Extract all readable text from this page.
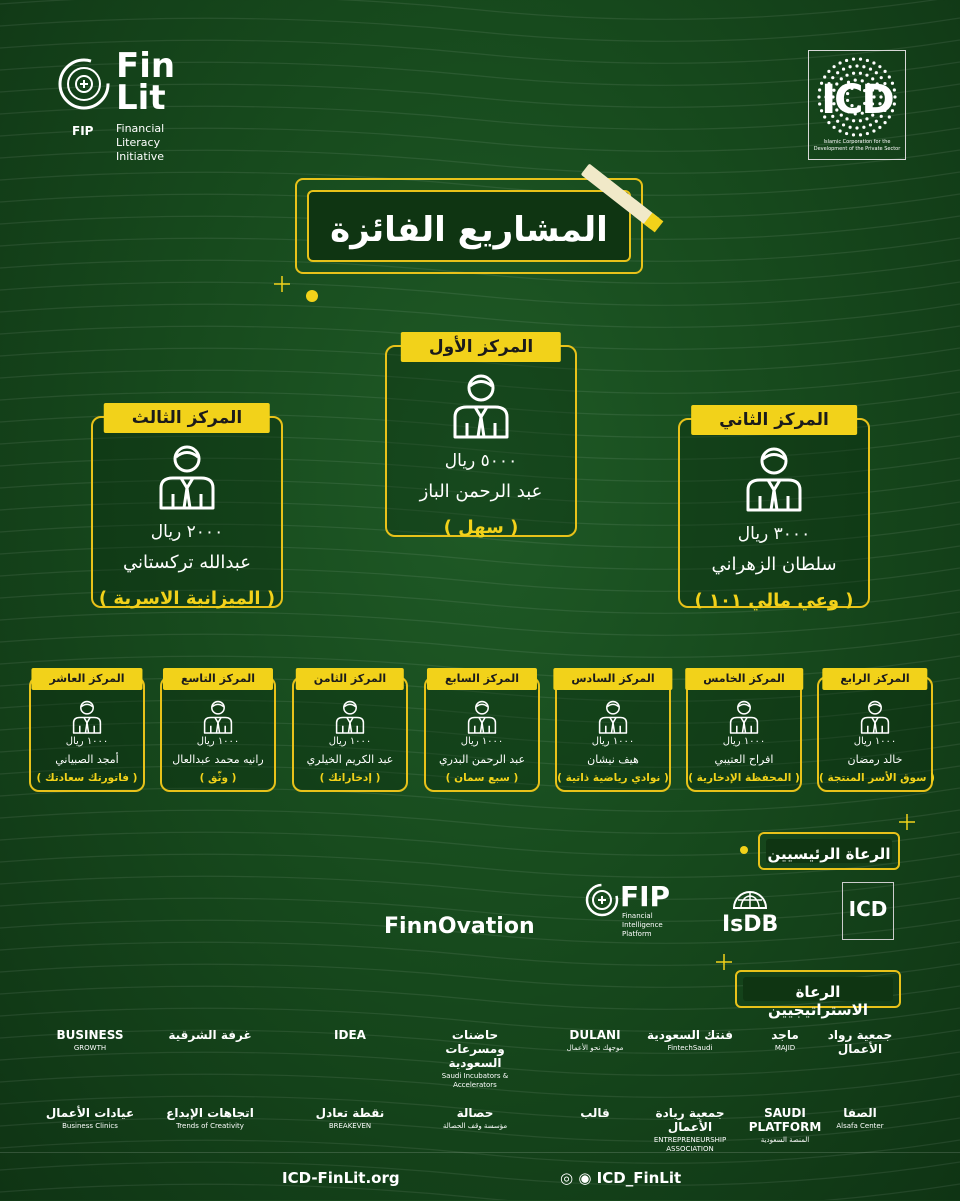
Fin
Lit
FIP Financial
Literacy
Initiative
ICD
Islamic Corporation for the Development of the Private Sector
المشاريع الفائزة
المركز الأول
٥٠٠٠ ريال
عبد الرحمن الباز
( سهل )
المركز الثاني
٣٠٠٠ ريال
سلطان الزهراني
( وعي مالي ١٠١ )
المركز الثالث
٢٠٠٠ ريال
عبدالله تركستاني
( الميزانية الاسرية )
المركز الرابع
١٠٠٠ ريال
خالد رمضان
( سوق الأسر المنتجة )
المركز الخامس
١٠٠٠ ريال
افراح العتيبي
( المحفظة الإدخارية )
المركز السادس
١٠٠٠ ريال
هيف نيشان
( نوادي رياضية ذاتية )
المركز السابع
١٠٠٠ ريال
عبد الرحمن البدري
( سبع سمان )
المركز الثامن
١٠٠٠ ريال
عبد الكريم الخيلري
( إدخاراتك )
المركز التاسع
١٠٠٠ ريال
رانيه محمد عبدالعال
( وثّق )
المركز العاشر
١٠٠٠ ريال
أمجد الصبياني
( فاتورتك سعادتك )
الرعاة الرئيسيين
FinnOvation
FIP
Financial
Intelligence
Platform	IsDB
ICD
الرعاة الاستراتيجيين
جمعية رواد الأعمال
ماجد
MAJID
فنتك السعودية
FintechSaudi
DULANI
موجهك نحو الأعمال
حاضنات ومسرعات السعودية
Saudi Incubators & Accelerators
IDEA
غرفة الشرقية
BUSINESS
GROWTH
الصفا
Alsafa Center
SAUDI PLATFORM
المنصة السعودية
جمعية ريادة الأعمال
ENTREPRENEURSHIP ASSOCIATION
قالب
حصالة
مؤسسة وقف الحصالة
نقطة تعادل
BREAKEVEN
اتجاهات الإبداع
Trends of Creativity
عيادات الأعمال
Business Clinics
ICD-FinLit.org	◎ ◉ ICD_FinLit
